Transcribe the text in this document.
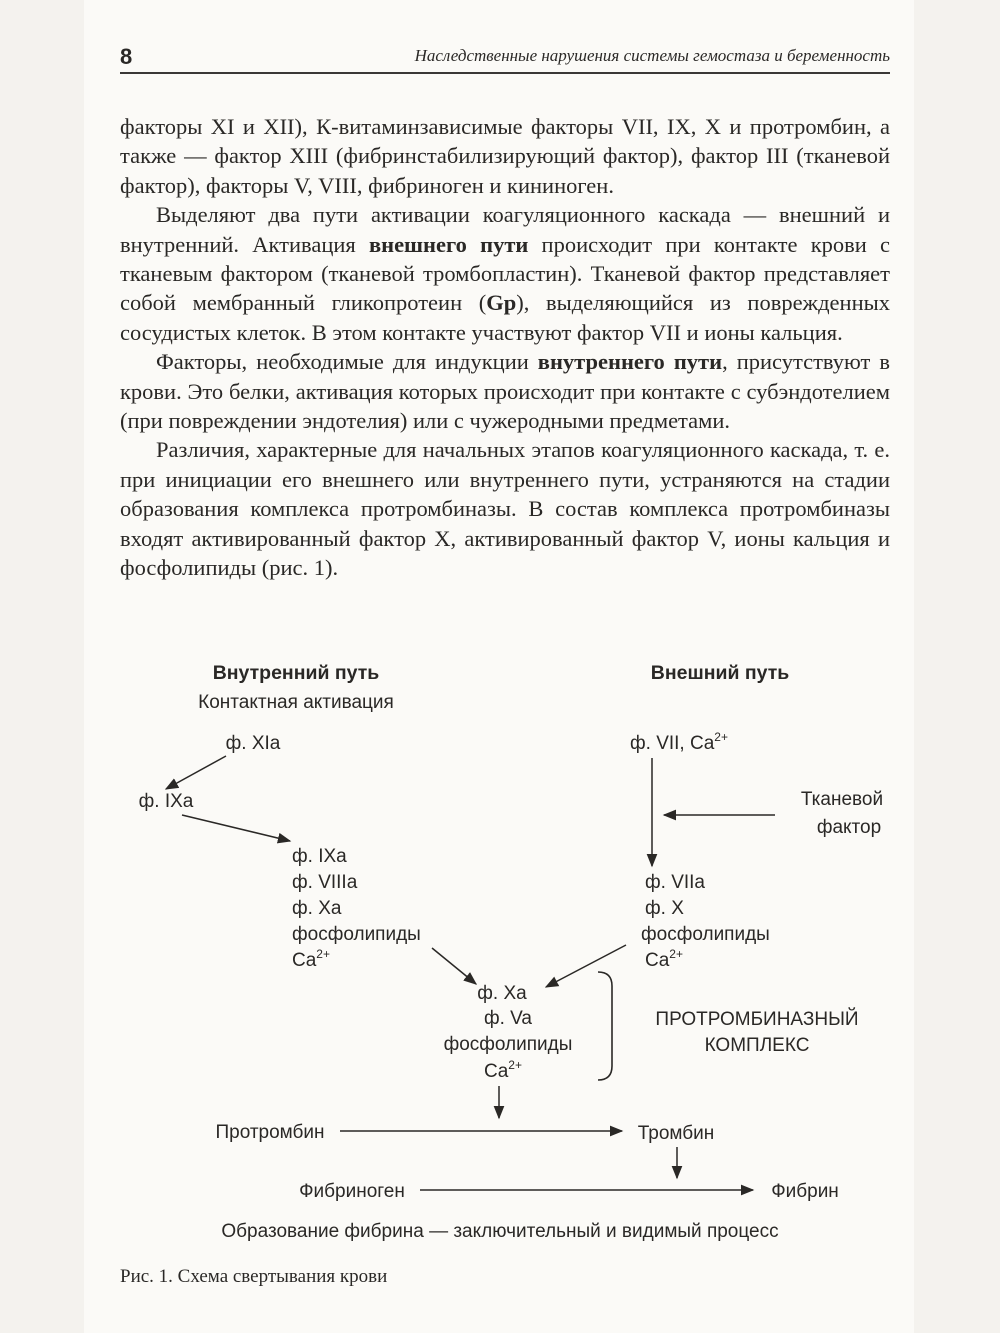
8	Наследственные нарушения системы гемостаза и беременность

факторы XI и XII), К-витаминзависимые факторы VII, IX, X и протромбин, а также — фактор XIII (фибринстабилизирующий фактор), фактор III (тканевой фактор), факторы V, VIII, фибриноген и кининоген.

Выделяют два пути активации коагуляционного каскада — внешний и внутренний. Активация внешнего пути происходит при контакте крови с тканевым фактором (тканевой тромбопластин). Тканевой фактор представляет собой мембранный гликопротеин (Gp), выделяющийся из поврежденных сосудистых клеток. В этом контакте участвуют фактор VII и ионы кальция.

Факторы, необходимые для индукции внутреннего пути, присутствуют в крови. Это белки, активация которых происходит при контакте с субэндотелием (при повреждении эндотелия) или с чужеродными предметами.

Различия, характерные для начальных этапов коагуляционного каскада, т. е. при инициации его внешнего или внутреннего пути, устраняются на стадии образования комплекса протромбиназы. В состав комплекса протромбиназы входят активированный фактор X, активированный фактор V, ионы кальция и фосфолипиды (рис. 1).

Внутренний путь	Внешний путь
Контактная активация
ф. XIa
ф. IXa
ф. VII, $Ca^{2+}$
Тканевой
фактор
ф. IXa
ф. VIIIa
ф. Xa
фосфолипиды
$Ca^{2+}$
ф. VIIa
ф. X
фосфолипиды
$Ca^{2+}$
ф. Xa
ф. Va
фосфолипиды
$Ca^{2+}$
ПРОТРОМБИНАЗНЫЙ
КОМПЛЕКС
Протромбин	Тромбин
Фибриноген	Фибрин
Образование фибрина — заключительный и видимый процесс
Рис. 1. Схема свертывания крови
